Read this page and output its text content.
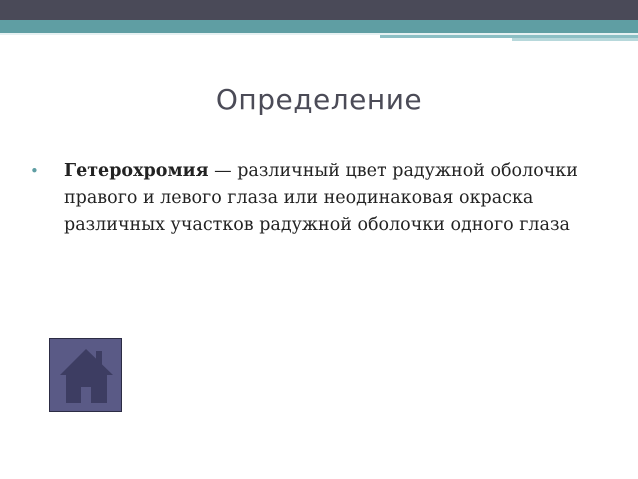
Определение
•	Гетерохромия — различный цвет радужной оболочки правого и левого глаза или неодинаковая окраска различных участков радужной оболочки одного глаза
